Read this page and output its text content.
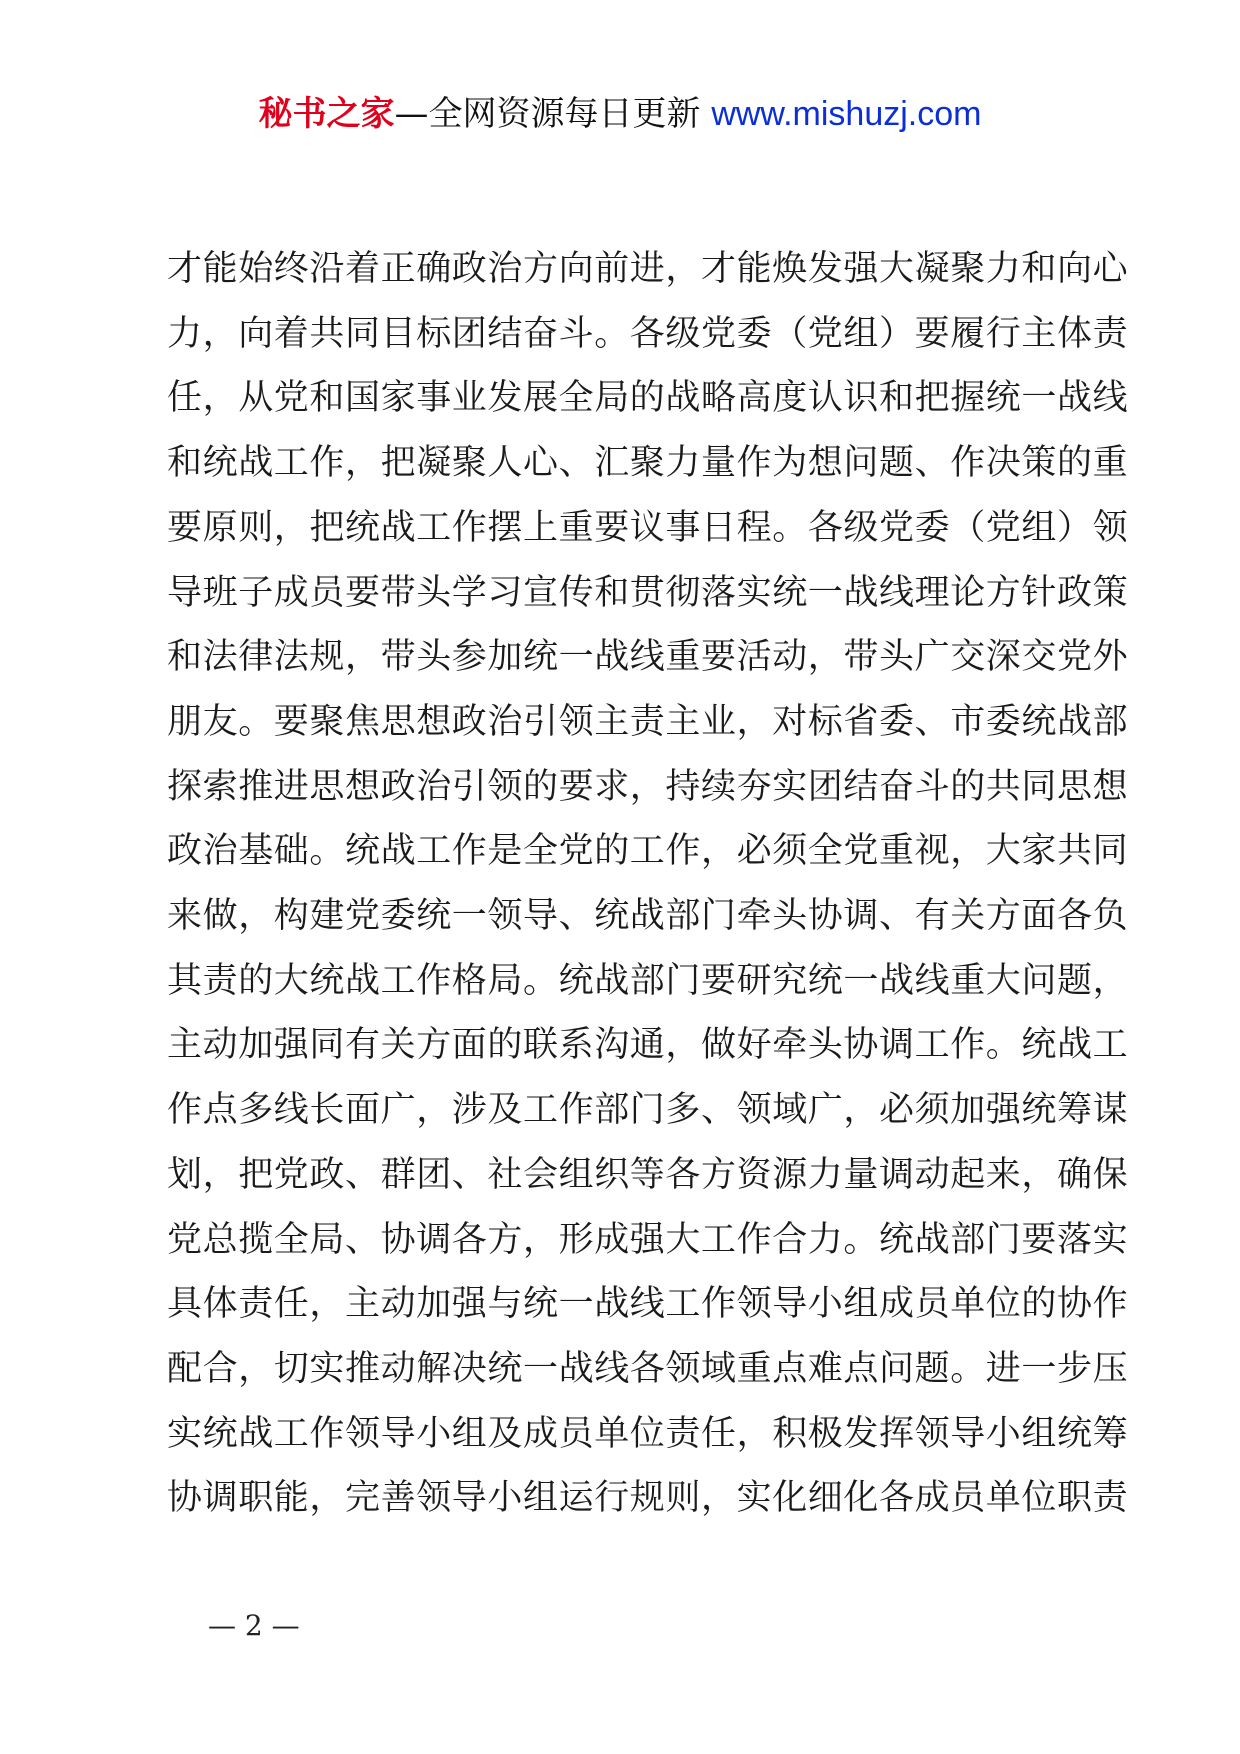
秘书之家—全网资源每日更新 www.mishuzj.com
才能始终沿着正确政治方向前进，才能焕发强大凝聚力和向心
力，向着共同目标团结奋斗。各级党委（党组）要履行主体责
任，从党和国家事业发展全局的战略高度认识和把握统一战线
和统战工作，把凝聚人心、汇聚力量作为想问题、作决策的重
要原则，把统战工作摆上重要议事日程。各级党委（党组）领
导班子成员要带头学习宣传和贯彻落实统一战线理论方针政策
和法律法规，带头参加统一战线重要活动，带头广交深交党外
朋友。要聚焦思想政治引领主责主业，对标省委、市委统战部
探索推进思想政治引领的要求，持续夯实团结奋斗的共同思想
政治基础。统战工作是全党的工作，必须全党重视，大家共同
来做，构建党委统一领导、统战部门牵头协调、有关方面各负
其责的大统战工作格局。统战部门要研究统一战线重大问题，
主动加强同有关方面的联系沟通，做好牵头协调工作。统战工
作点多线长面广，涉及工作部门多、领域广，必须加强统筹谋
划，把党政、群团、社会组织等各方资源力量调动起来，确保
党总揽全局、协调各方，形成强大工作合力。统战部门要落实
具体责任，主动加强与统一战线工作领导小组成员单位的协作
配合，切实推动解决统一战线各领域重点难点问题。进一步压
实统战工作领导小组及成员单位责任，积极发挥领导小组统筹
协调职能，完善领导小组运行规则，实化细化各成员单位职责
— 2 —
